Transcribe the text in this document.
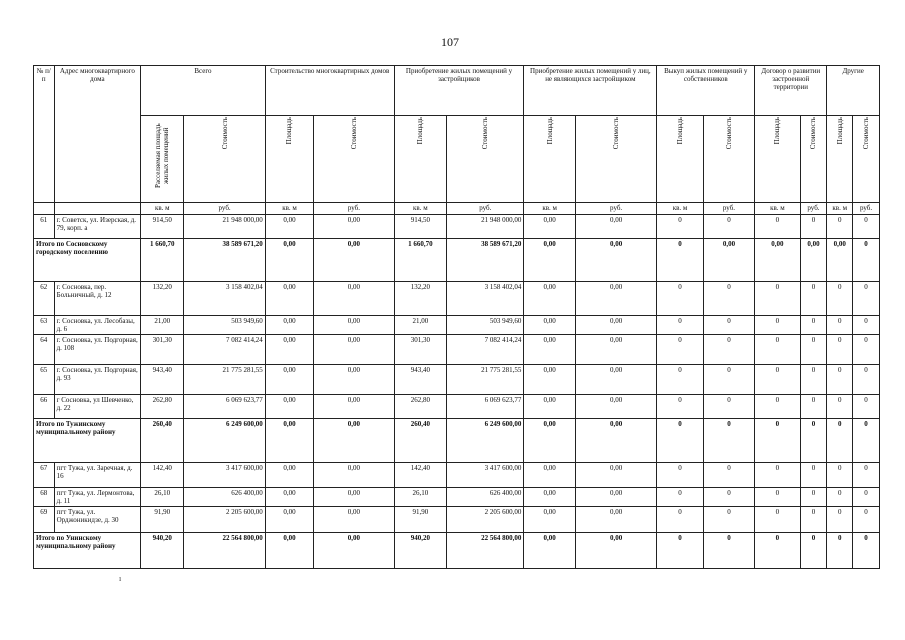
107
№ п/п	Адрес многоквартирного дома	Всего		Строительство многоквартирных домов		Приобретение жилых помещений у застройщиков		Приобретение жилых помещений у лиц, не являющихся застройщиком		Выкуп жилых помещений у собственников		Договор о развитии застроенной территории		Другие	

		Расселяемая площадь жилых помещений	Стоимость	Площадь	Стоимость	Площадь	Стоимость	Площадь	Стоимость	Площадь	Стоимость	Площадь	Стоимость	Площадь	Стоимость

		кв. м	руб.	кв. м	руб.	кв. м	руб.	кв. м	руб.	кв. м	руб.	кв. м	руб.	кв. м	руб.
61	г. Советск, ул. Изерская, д. 79, корп. а	914,50	21 948 000,00	0,00	0,00	914,50	21 948 000,00	0,00	0,00	0	0	0	0	0	0
Итого по Сосновскому городскому поселению		1 660,70	38 589 671,20	0,00	0,00	1 660,70	38 589 671,20	0,00	0,00	0	0,00	0,00	0,00	0,00	0
62	г. Сосновка, пер. Больничный, д. 12	132,20	3 158 402,04	0,00	0,00	132,20	3 158 402,04	0,00	0,00	0	0	0	0	0	0
63	г. Сосновка, ул. Лесобазы, д. 6	21,00	503 949,60	0,00	0,00	21,00	503 949,60	0,00	0,00	0	0	0	0	0	0
64	г. Сосновка, ул. Подгорная, д. 108	301,30	7 082 414,24	0,00	0,00	301,30	7 082 414,24	0,00	0,00	0	0	0	0	0	0
65	г. Сосновка, ул. Подгорная, д. 93	943,40	21 775 281,55	0,00	0,00	943,40	21 775 281,55	0,00	0,00	0	0	0	0	0	0
66	г Сосновка, ул Шевченко, д. 22	262,80	6 069 623,77	0,00	0,00	262,80	6 069 623,77	0,00	0,00	0	0	0	0	0	0
Итого по Тужинскому муниципальному району		260,40	6 249 600,00	0,00	0,00	260,40	6 249 600,00	0,00	0,00	0	0	0	0	0	0
67	пгт Тужа, ул. Заречная, д. 16	142,40	3 417 600,00	0,00	0,00	142,40	3 417 600,00	0,00	0,00	0	0	0	0	0	0
68	пгт Тужа, ул. Лермонтова, д. 11	26,10	626 400,00	0,00	0,00	26,10	626 400,00	0,00	0,00	0	0	0	0	0	0
69	пгт Тужа, ул. Орджоникидзе, д. 30	91,90	2 205 600,00	0,00	0,00	91,90	2 205 600,00	0,00	0,00	0	0	0	0	0	0
Итого по Унинскому муниципальному району		940,20	22 564 800,00	0,00	0,00	940,20	22 564 800,00	0,00	0,00	0	0	0	0	0	0
ı
